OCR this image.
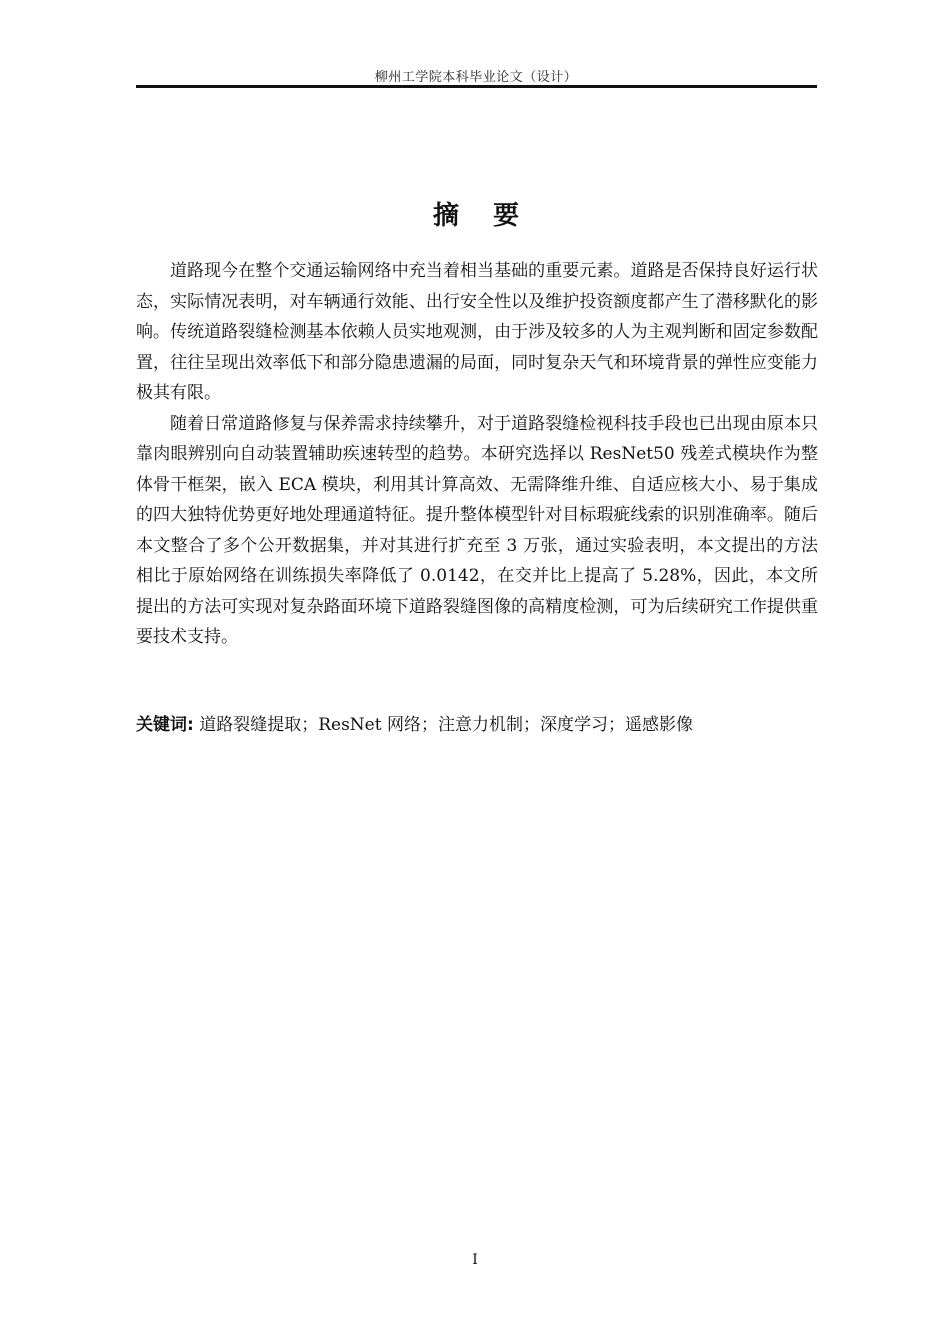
柳州工学院本科毕业论文（设计）
摘要

道路现今在整个交通运输网络中充当着相当基础的重要元素。道路是否保持良好运行状态，实际情况表明，对车辆通行效能、出行安全性以及维护投资额度都产生了潜移默化的影响。传统道路裂缝检测基本依赖人员实地观测，由于涉及较多的人为主观判断和固定参数配置，往往呈现出效率低下和部分隐患遗漏的局面，同时复杂天气和环境背景的弹性应变能力极其有限。

随着日常道路修复与保养需求持续攀升，对于道路裂缝检视科技手段也已出现由原本只靠肉眼辨别向自动装置辅助疾速转型的趋势。本研究选择以 ResNet50 残差式模块作为整体骨干框架，嵌入 ECA 模块，利用其计算高效、无需降维升维、自适应核大小、易于集成的四大独特优势更好地处理通道特征。提升整体模型针对目标瑕疵线索的识别准确率。随后本文整合了多个公开数据集，并对其进行扩充至 3 万张，通过实验表明，本文提出的方法相比于原始网络在训练损失率降低了 0.0142，在交并比上提高了 5.28%，因此，本文所提出的方法可实现对复杂路面环境下道路裂缝图像的高精度检测，可为后续研究工作提供重要技术支持。

关键词: 道路裂缝提取；ResNet 网络；注意力机制；深度学习；遥感影像
I
